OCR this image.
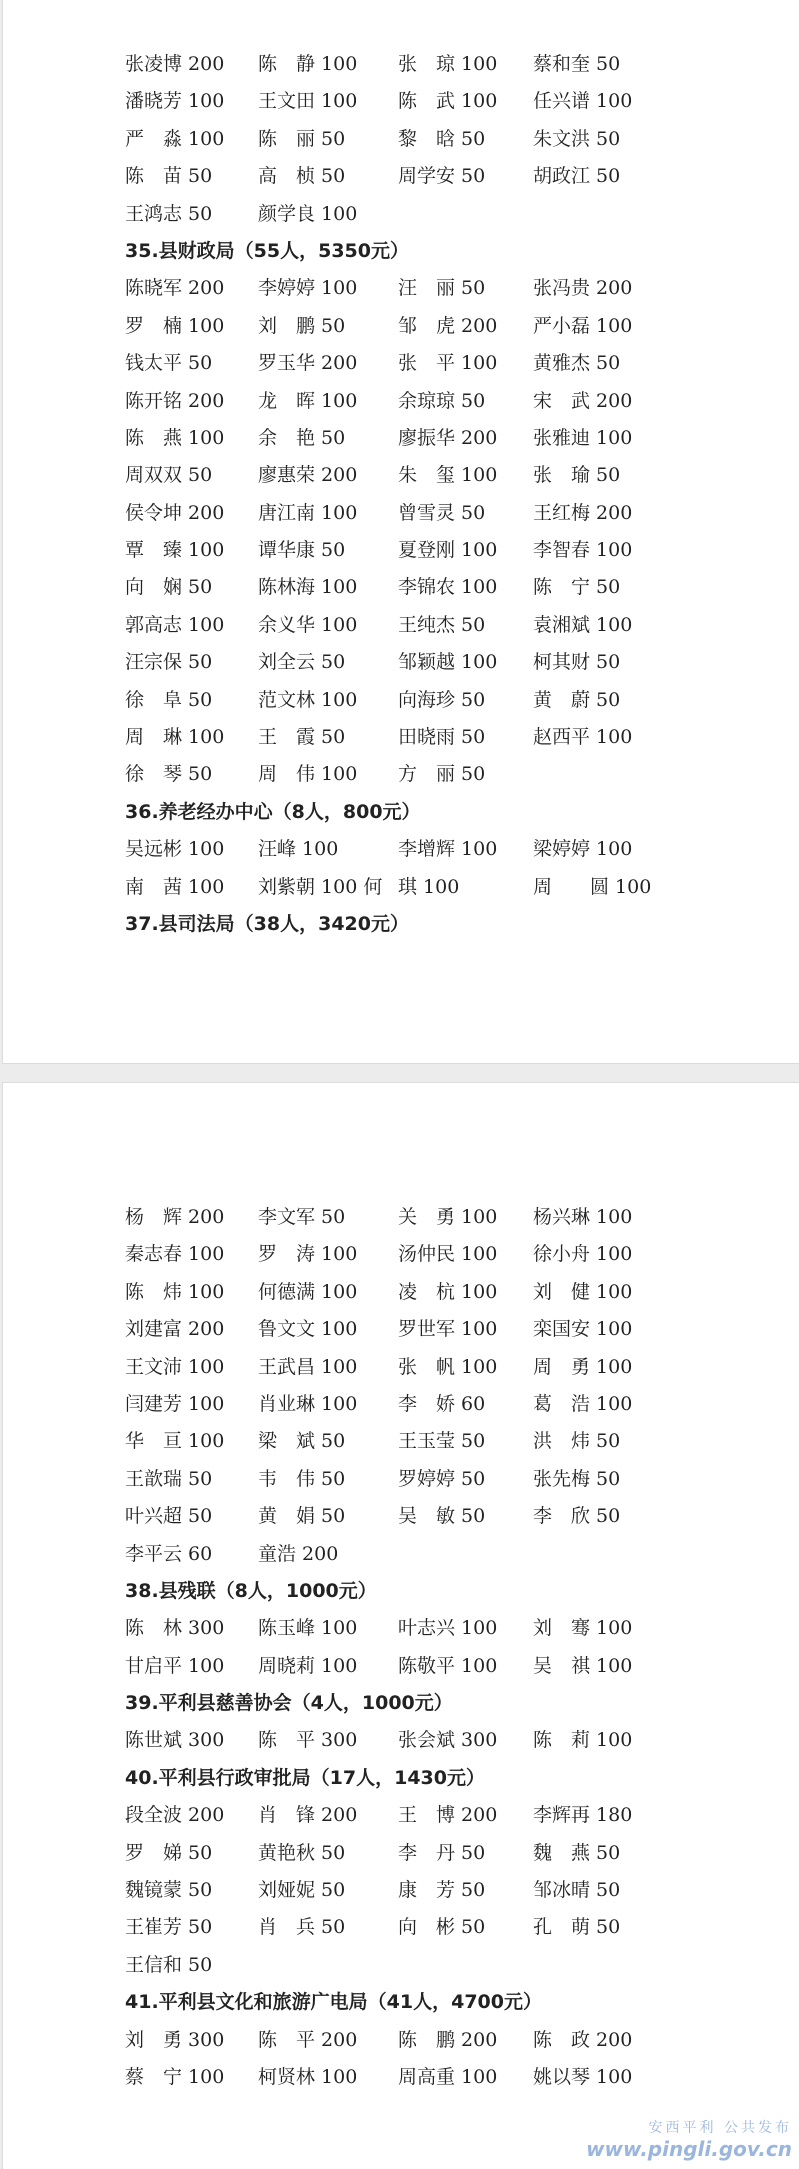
张凌博 200 陈　静 100 张　琼 100 蔡和奎 50
潘晓芳 100 王文田 100 陈　武 100 任兴谱 100
严　淼 100 陈　丽 50	黎　晗 50	朱文洪 50
陈　苗 50 高　桢 50	周学安 50	胡政江 50
王鸿志 50 颜学良 100
35.县财政局（55人，5350元）
陈晓军 200 李婷婷 100 汪　丽 50	张冯贵 200
罗　楠 100 刘　鹏 50	邹　虎 200 严小磊 100
钱太平 50 罗玉华 200 张　平 100 黄雅杰 50
陈开铭 200 龙　晖 100 余琼琼 50	宋　武 200
陈　燕 100 余　艳 50	廖振华 200 张雅迪 100
周双双 50 廖惠荣 200 朱　玺 100 张　瑜 50
侯令坤 200 唐江南 100 曾雪灵 50	王红梅 200
覃　臻 100 谭华康 50	夏登刚 100 李智春 100
向　娴 50 陈林海 100 李锦农 100 陈　宁 50
郭高志 100 余义华 100 王纯杰 50	袁湘斌 100
汪宗保 50 刘全云 50	邹颖越 100 柯其财 50
徐　阜 50 范文林 100 向海珍 50	黄　蔚 50
周　琳 100 王　霞 50	田晓雨 50	赵西平 100
徐　琴 50 周　伟 100 方　丽 50
36.养老经办中心（8人，800元）
吴远彬 100 汪峰 100	李增辉 100 梁婷婷 100
南　茜 100 刘紫朝 100 何 琪 100	周　　圆 100
37.县司法局（38人，3420元）
杨　辉 200 李文军 50	关　勇 100 杨兴琳 100
秦志春 100 罗　涛 100 汤仲民 100 徐小舟 100
陈　炜 100 何德满 100 凌　杭 100 刘　健 100
刘建富 200 鲁文文 100 罗世军 100 栾国安 100
王文沛 100 王武昌 100 张　帆 100 周　勇 100
闫建芳 100 肖业琳 100 李　娇 60	葛　浩 100
华　亘 100 梁　斌 50	王玉莹 50	洪　炜 50
王歆瑞 50 韦　伟 50	罗婷婷 50	张先梅 50
叶兴超 50 黄　娟 50	吴　敏 50	李　欣 50
李平云 60 童浩 200
38.县残联（8人，1000元）
陈　林 300 陈玉峰 100 叶志兴 100 刘　骞 100
甘启平 100 周晓莉 100 陈敬平 100 吴　祺 100
39.平利县慈善协会（4人，1000元）
陈世斌 300 陈　平 300 张会斌 300 陈　莉 100
40.平利县行政审批局（17人，1430元）
段全波 200 肖　锋 200 王　博 200 李辉再 180
罗　娣 50 黄艳秋 50	李　丹 50	魏　燕 50
魏镜蒙 50 刘娅妮 50	康　芳 50	邹冰晴 50
王崔芳 50 肖　兵 50	向　彬 50	孔　萌 50
王信和 50
41.平利县文化和旅游广电局（41人，4700元）
刘　勇 300 陈　平 200 陈　鹏 200 陈　政 200
蔡　宁 100 柯贤林 100 周高重 100 姚以琴 100
安西平利 公共发布
www.pingli.gov.cn
